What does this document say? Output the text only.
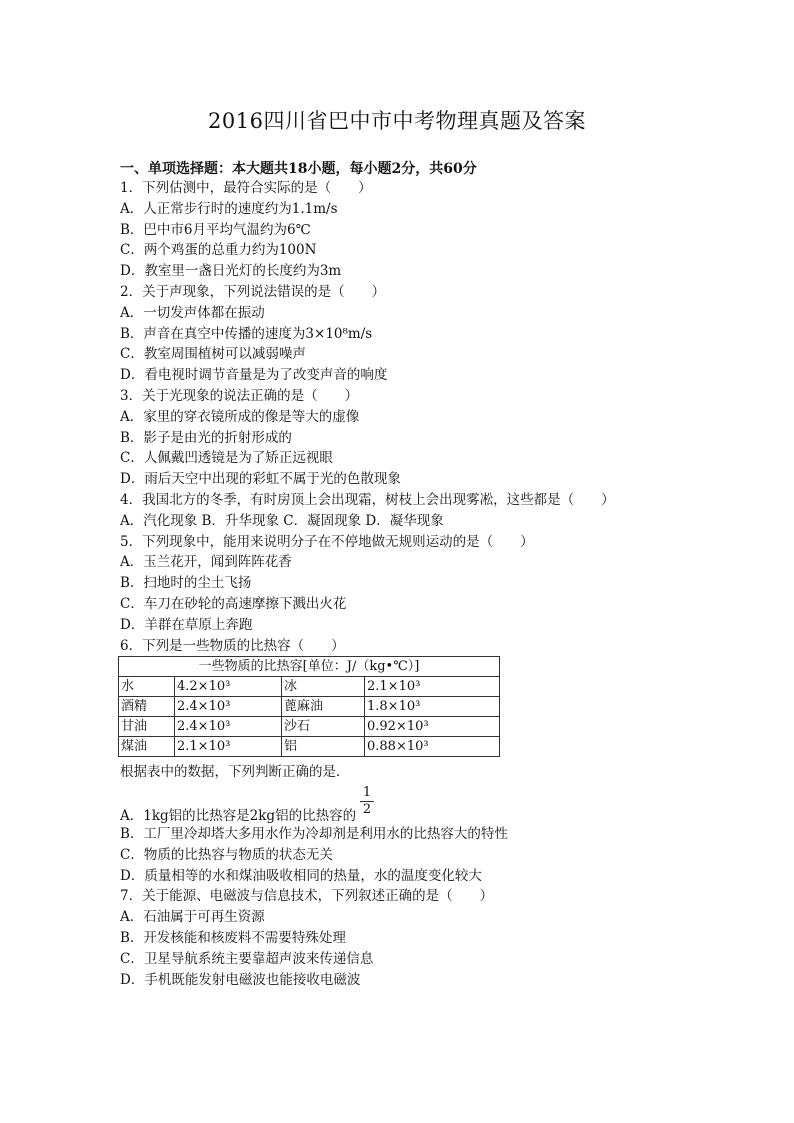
2016四川省巴中市中考物理真题及答案
一、单项选择题：本大题共18小题，每小题2分，共60分
1．下列估测中，最符合实际的是（　　）
A．人正常步行时的速度约为1.1m/s
B．巴中市6月平均气温约为6℃
C．两个鸡蛋的总重力约为100N
D．教室里一盏日光灯的长度约为3m
2．关于声现象，下列说法错误的是（　　）
A．一切发声体都在振动
B．声音在真空中传播的速度为3×10⁸m/s
C．教室周围植树可以减弱噪声
D．看电视时调节音量是为了改变声音的响度
3．关于光现象的说法正确的是（　　）
A．家里的穿衣镜所成的像是等大的虚像
B．影子是由光的折射形成的
C．人佩戴凹透镜是为了矫正远视眼
D．雨后天空中出现的彩虹不属于光的色散现象
4．我国北方的冬季，有时房顶上会出现霜，树枝上会出现雾凇，这些都是（　　）
A．汽化现象 B．升华现象 C．凝固现象 D．凝华现象
5．下列现象中，能用来说明分子在不停地做无规则运动的是（　　）
A．玉兰花开，闻到阵阵花香
B．扫地时的尘土飞扬
C．车刀在砂轮的高速摩擦下溅出火花
D．羊群在草原上奔跑
6．下列是一些物质的比热容（　　）
一些物质的比热容[单位：J/（kg•℃）]			
水	4.2×10³	冰	2.1×10³
酒精	2.4×10³	蓖麻油	1.8×10³
甘油	2.4×10³	沙石	0.92×10³
煤油	2.1×10³	铝	0.88×10³
根据表中的数据，下列判断正确的是．
1
2
A．1kg铝的比热容是2kg铝的比热容的
B．工厂里冷却塔大多用水作为冷却剂是利用水的比热容大的特性
C．物质的比热容与物质的状态无关
D．质量相等的水和煤油吸收相同的热量，水的温度变化较大
7．关于能源、电磁波与信息技术，下列叙述正确的是（　　）
A．石油属于可再生资源
B．开发核能和核废料不需要特殊处理
C．卫星导航系统主要靠超声波来传递信息
D．手机既能发射电磁波也能接收电磁波
